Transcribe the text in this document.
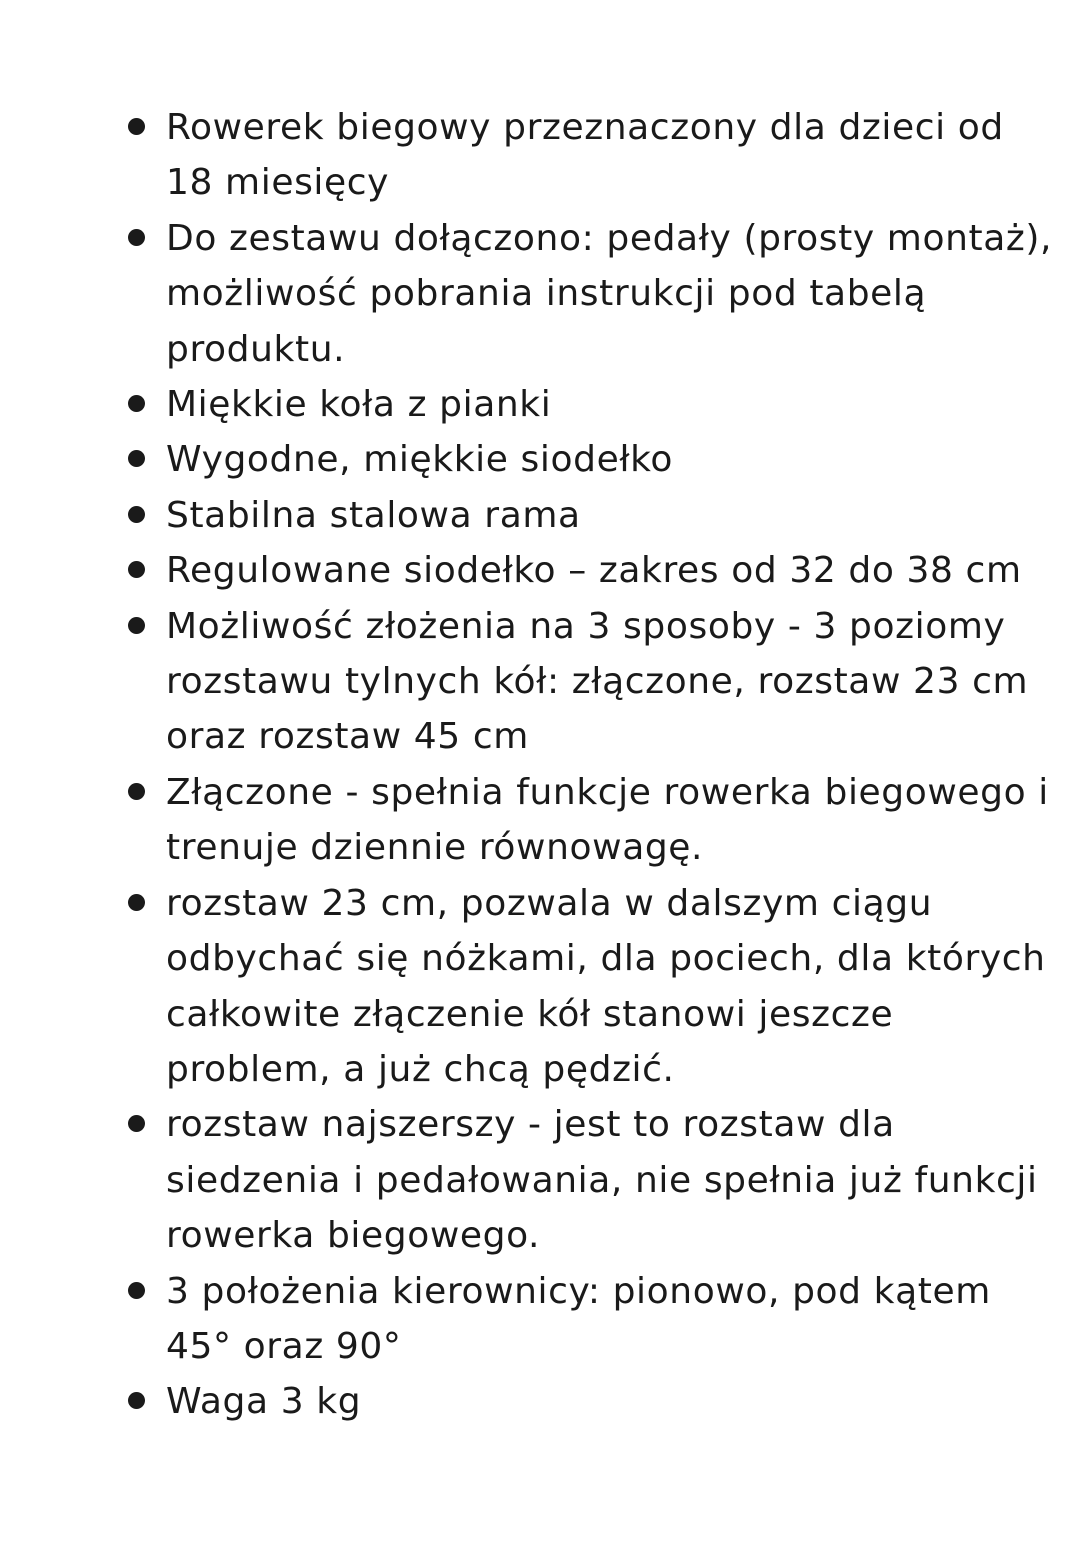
Rowerek biegowy przeznaczony dla dzieci od 18 miesięcy
Do zestawu dołączono: pedały (prosty montaż), możliwość pobrania instrukcji pod tabelą produktu.
Miękkie koła z pianki
Wygodne, miękkie siodełko
Stabilna stalowa rama
Regulowane siodełko – zakres od 32 do 38 cm
Możliwość złożenia na 3 sposoby - 3 poziomy rozstawu tylnych kół: złączone, rozstaw 23 cm oraz rozstaw 45 cm
Złączone - spełnia funkcje rowerka biegowego i trenuje dziennie równowagę.
rozstaw 23 cm, pozwala w dalszym ciągu odbychać się nóżkami, dla pociech, dla których całkowite złączenie kół stanowi jeszcze problem, a już chcą pędzić.
rozstaw najszerszy - jest to rozstaw dla siedzenia i pedałowania, nie spełnia już funkcji rowerka biegowego.
3 położenia kierownicy: pionowo, pod kątem 45° oraz 90°
Waga 3 kg
